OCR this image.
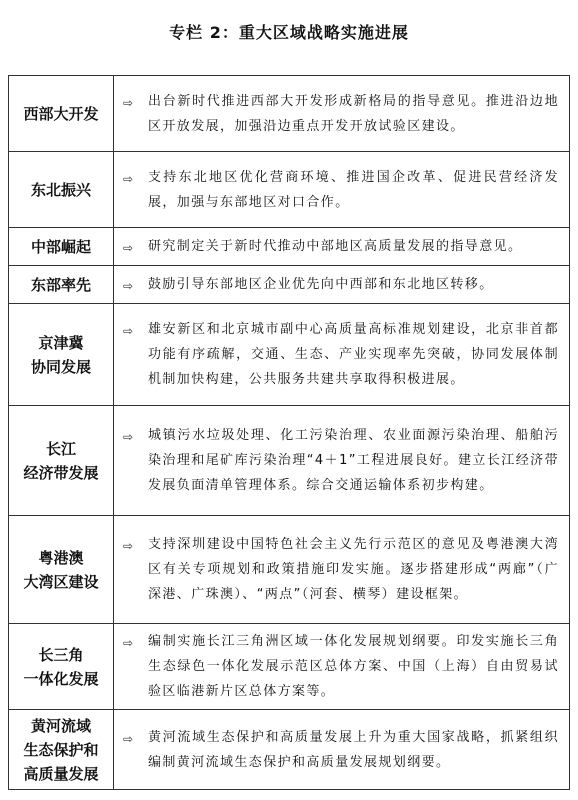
专栏 2：重大区域战略实施进展
西部大开发	⇨ 出台新时代推进西部大开发形成新格局的指导意见。推进沿边地区开放发展，加强沿边重点开发开放试验区建设。

东北振兴	⇨ 支持东北地区优化营商环境、推进国企改革、促进民营经济发展，加强与东部地区对口合作。

中部崛起	⇨ 研究制定关于新时代推动中部地区高质量发展的指导意见。

东部率先	⇨ 鼓励引导东部地区企业优先向中西部和东北地区转移。

京津冀
协同发展	⇨ 雄安新区和北京城市副中心高质量高标准规划建设，北京非首都功能有序疏解，交通、生态、产业实现率先突破，协同发展体制机制加快构建，公共服务共建共享取得积极进展。

长江
经济带发展	⇨ 城镇污水垃圾处理、化工污染治理、农业面源污染治理、船舶污染治理和尾矿库污染治理“4＋1”工程进展良好。建立长江经济带发展负面清单管理体系。综合交通运输体系初步构建。

粤港澳
大湾区建设	⇨ 支持深圳建设中国特色社会主义先行示范区的意见及粤港澳大湾区有关专项规划和政策措施印发实施。逐步搭建形成“两廊”（广深港、广珠澳）、“两点”（河套、横琴）建设框架。

长三角
一体化发展	⇨ 编制实施长江三角洲区域一体化发展规划纲要。印发实施长三角生态绿色一体化发展示范区总体方案、中国（上海）自由贸易试验区临港新片区总体方案等。

黄河流域
生态保护和
高质量发展	⇨ 黄河流域生态保护和高质量发展上升为重大国家战略，抓紧组织编制黄河流域生态保护和高质量发展规划纲要。
